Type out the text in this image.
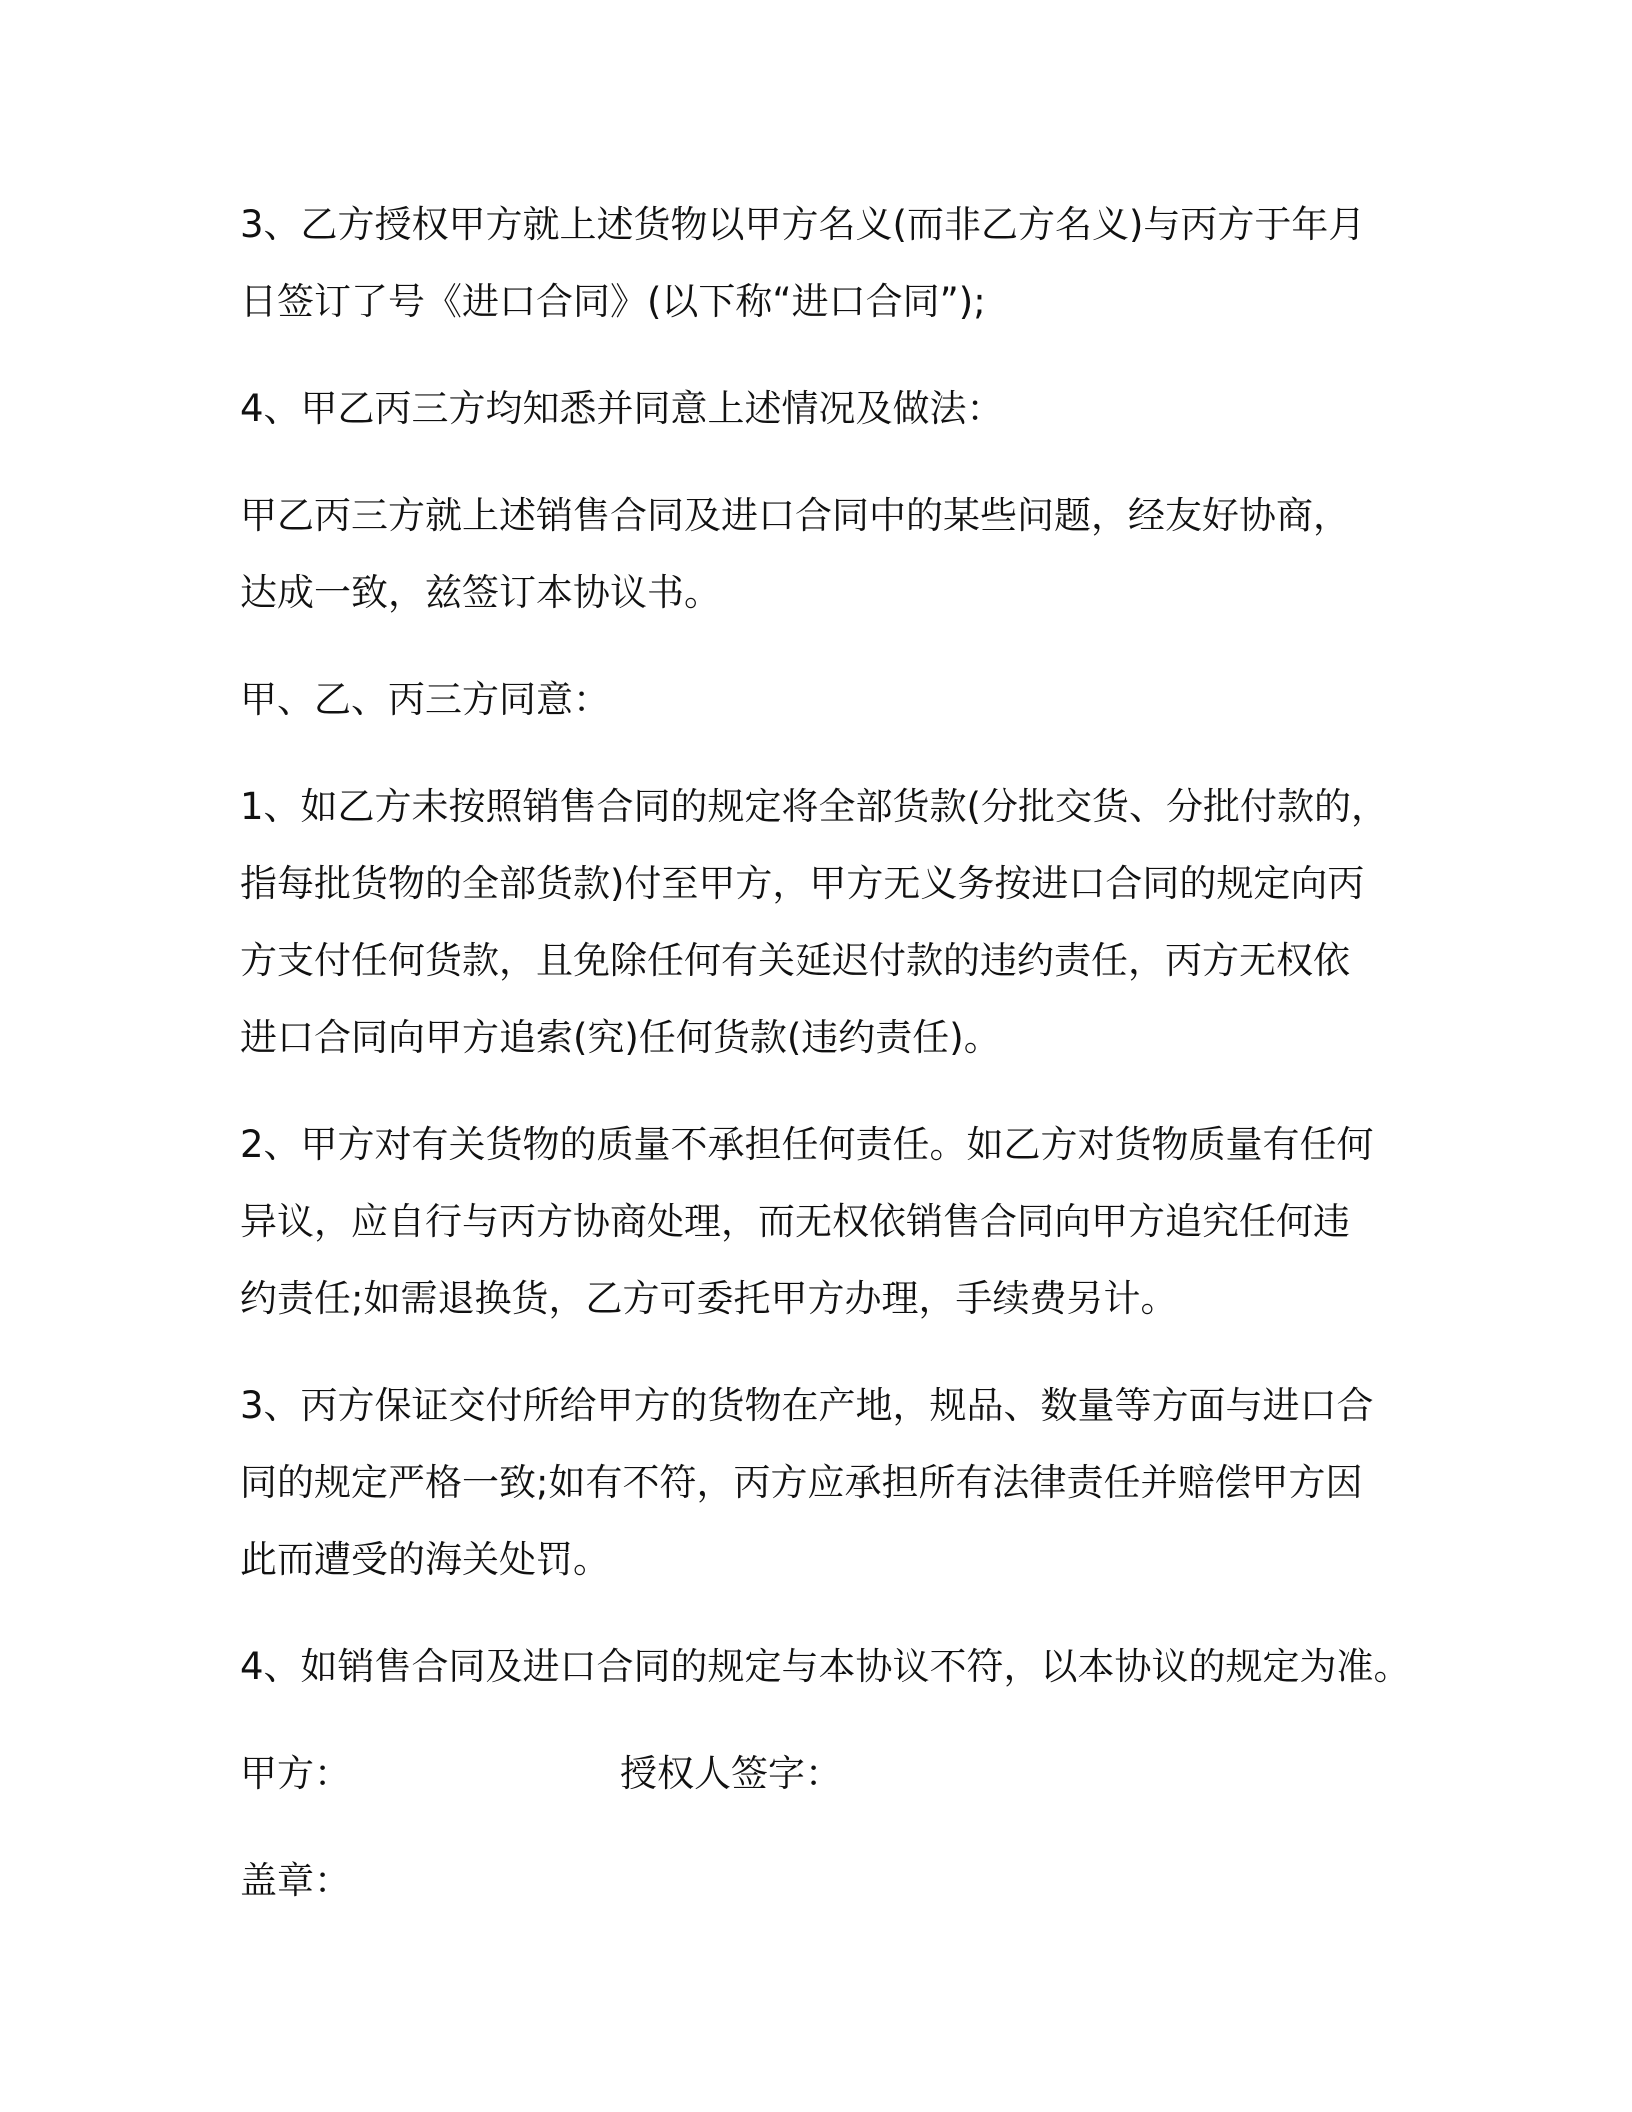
3、乙方授权甲方就上述货物以甲方名义(而非乙方名义)与丙方于年月
日签订了号《进口合同》(以下称“进口合同”);

4、甲乙丙三方均知悉并同意上述情况及做法：

甲乙丙三方就上述销售合同及进口合同中的某些问题，经友好协商，
达成一致，兹签订本协议书。

甲、乙、丙三方同意：

1、如乙方未按照销售合同的规定将全部货款(分批交货、分批付款的，
指每批货物的全部货款)付至甲方，甲方无义务按进口合同的规定向丙
方支付任何货款，且免除任何有关延迟付款的违约责任，丙方无权依
进口合同向甲方追索(究)任何货款(违约责任)。

2、甲方对有关货物的质量不承担任何责任。如乙方对货物质量有任何
异议，应自行与丙方协商处理，而无权依销售合同向甲方追究任何违
约责任;如需退换货，乙方可委托甲方办理，手续费另计。

3、丙方保证交付所给甲方的货物在产地，规品、数量等方面与进口合
同的规定严格一致;如有不符，丙方应承担所有法律责任并赔偿甲方因
此而遭受的海关处罚。

4、如销售合同及进口合同的规定与本协议不符，以本协议的规定为准。

甲方：	授权人签字：
盖章：
